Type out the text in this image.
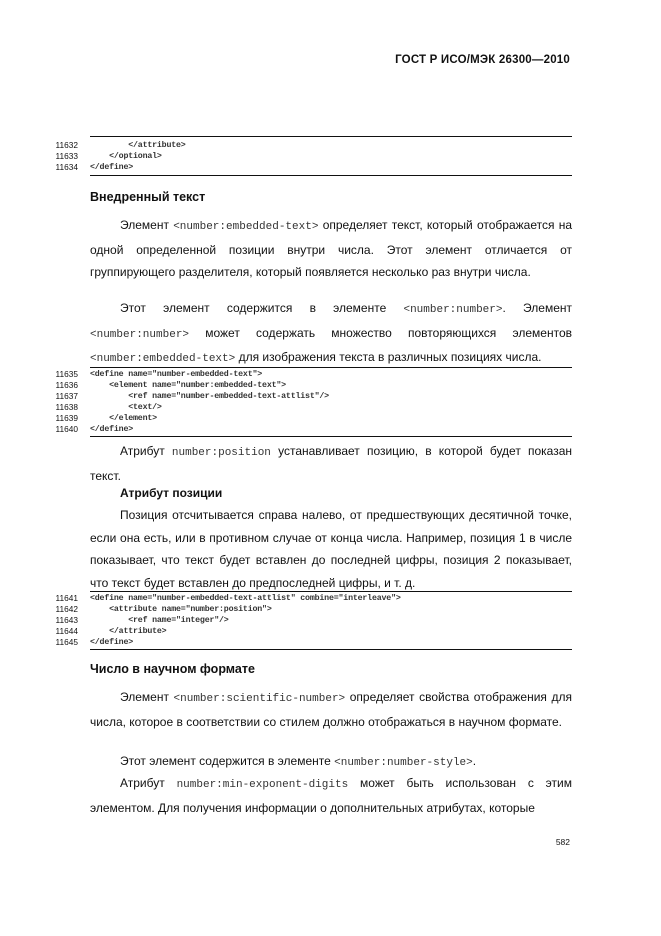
ГОСТ Р ИСО/МЭК 26300—2010
11632 </attribute>
11633 </optional>
11634 </define>
Внедренный текст
Элемент <number:embedded-text> определяет текст, который отображается на одной определенной позиции внутри числа. Этот элемент отличается от группирующего разделителя, который появляется несколько раз внутри числа.
Этот элемент содержится в элементе <number:number>. Элемент <number:number> может содержать множество повторяющихся элементов <number:embedded-text> для изображения текста в различных позициях числа.
11635 <define name="number-embedded-text">
11636 <element name="number:embedded-text">
11637 <ref name="number-embedded-text-attlist"/>
11638 <text/>
11639 </element>
11640 </define>
Атрибут number:position устанавливает позицию, в которой будет показан текст.
Атрибут позиции
Позиция отсчитывается справа налево, от предшествующих десятичной точке, если она есть, или в противном случае от конца числа. Например, позиция 1 в числе показывает, что текст будет вставлен до последней цифры, позиция 2 показывает, что текст будет вставлен до предпоследней цифры, и т. д.
11641 <define name="number-embedded-text-attlist" combine="interleave">
11642 <attribute name="number:position">
11643 <ref name="integer"/>
11644 </attribute>
11645 </define>
Число в научном формате
Элемент <number:scientific-number> определяет свойства отображения для числа, которое в соответствии со стилем должно отображаться в научном формате.
Этот элемент содержится в элементе <number:number-style>.
Атрибут number:min-exponent-digits может быть использован с этим элементом. Для получения информации о дополнительных атрибутах, которые
582
